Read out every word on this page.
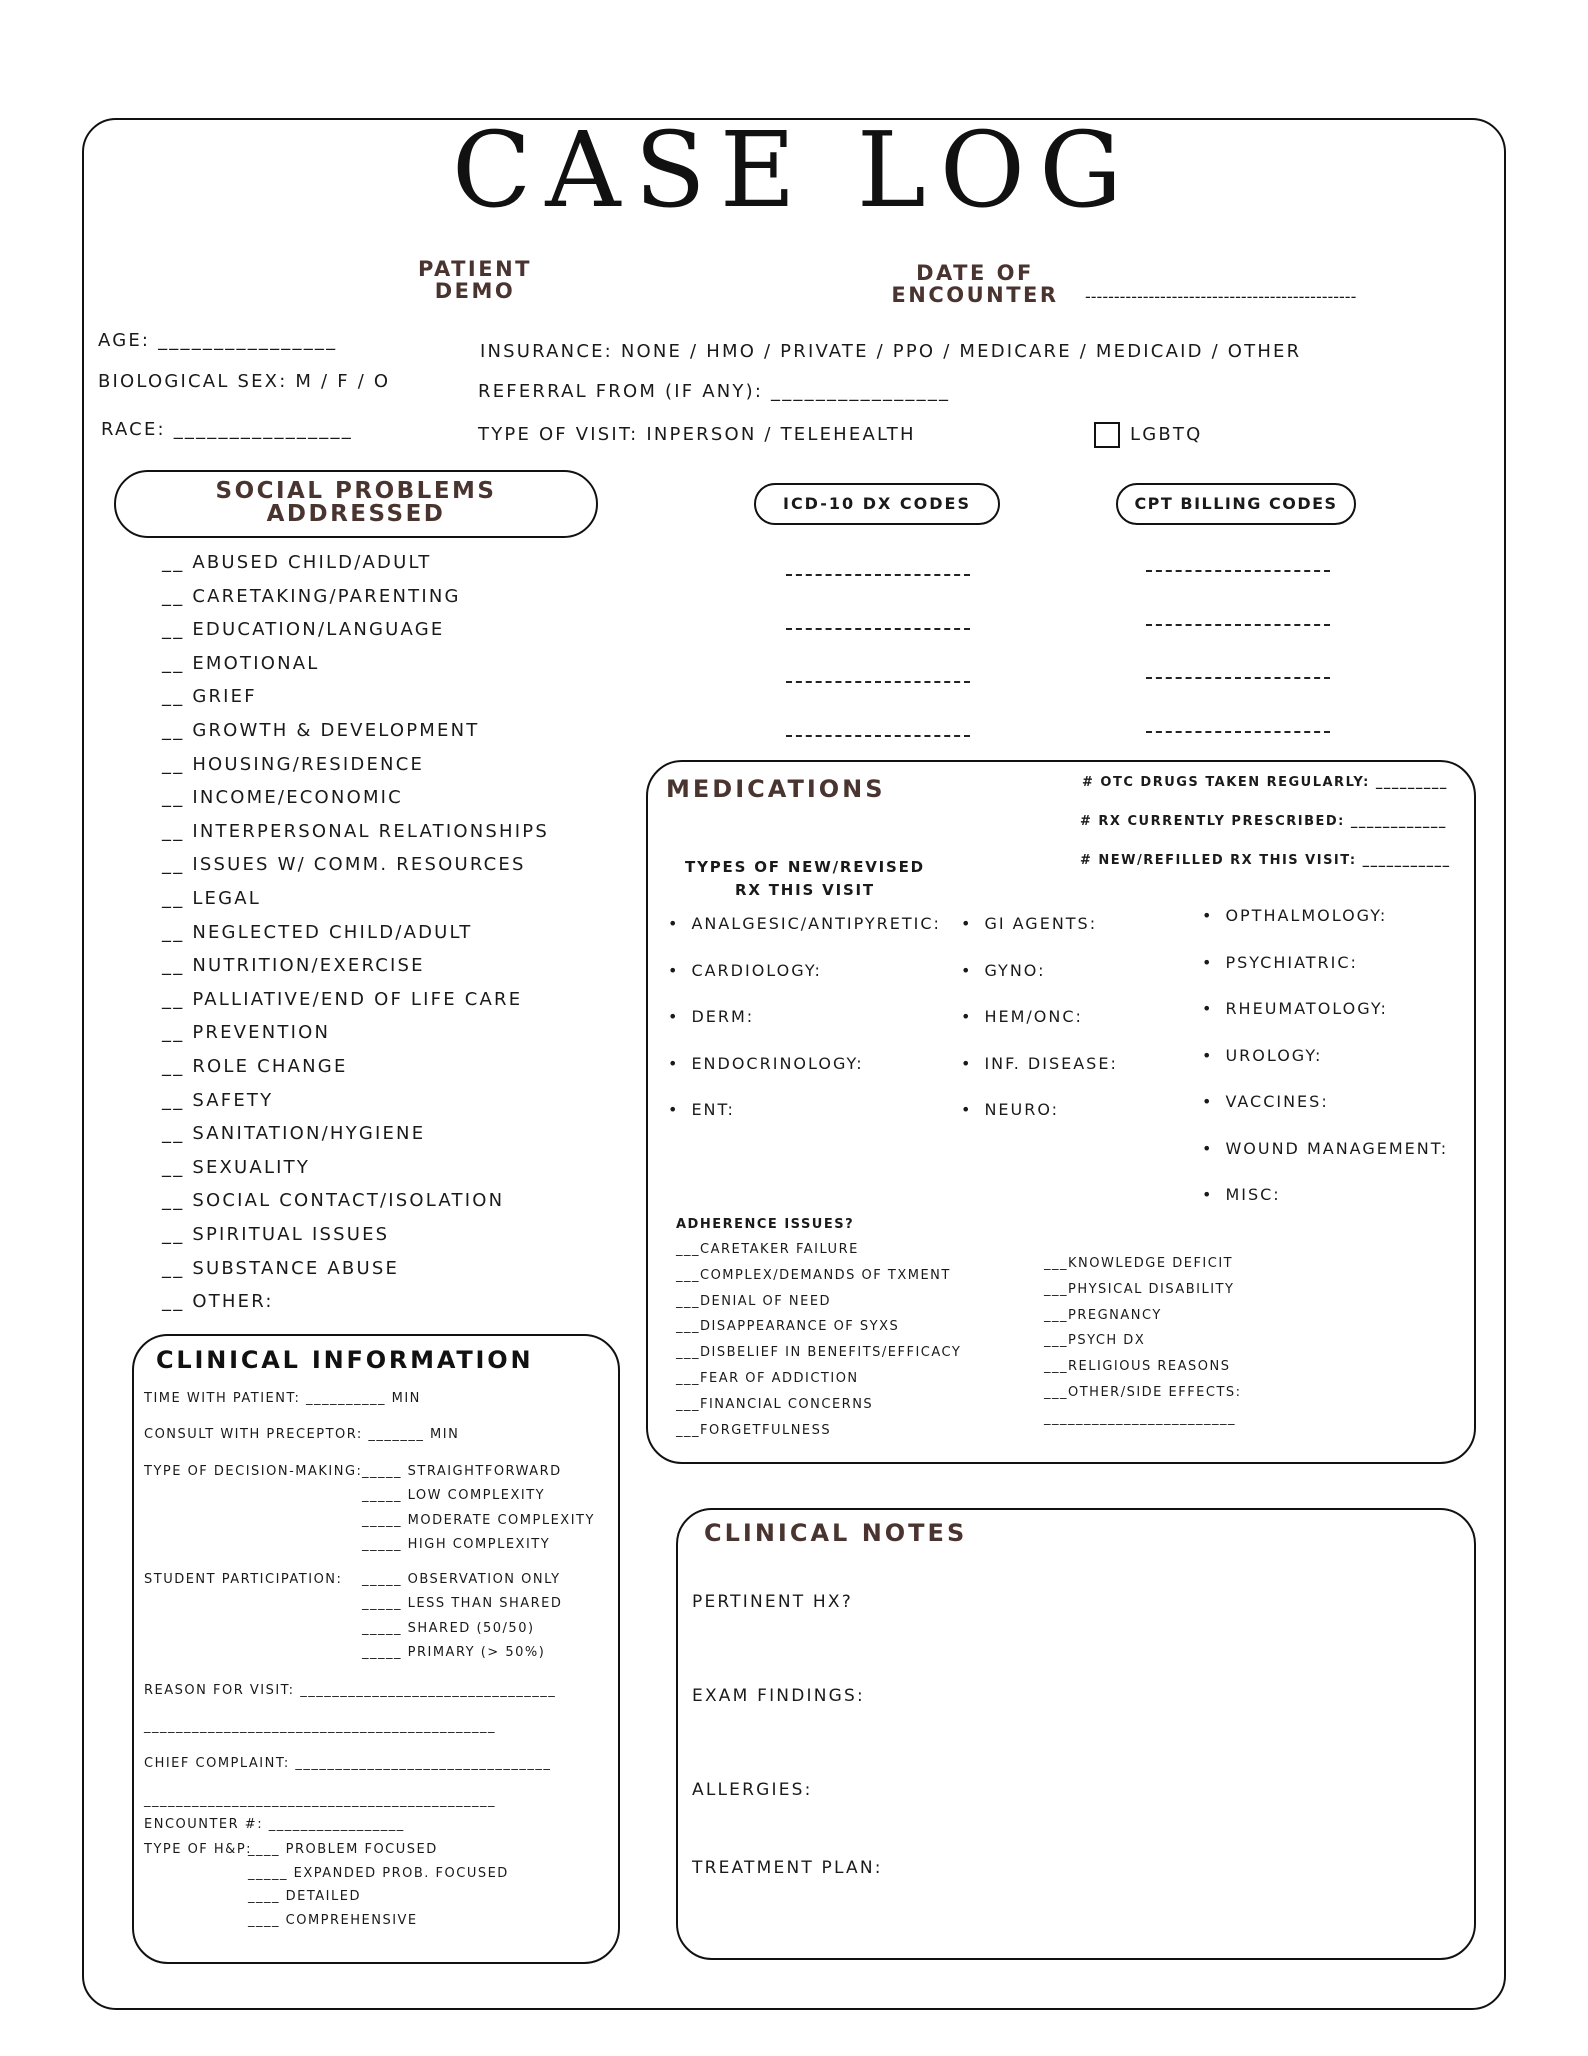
CASE LOG
PATIENT
DEMO
DATE OF
ENCOUNTER	-----------------------------------------------
AGE: ________________
BIOLOGICAL SEX: M / F / O
RACE: ________________
INSURANCE: NONE / HMO / PRIVATE / PPO / MEDICARE / MEDICAID / OTHER
REFERRAL FROM (IF ANY): ________________
TYPE OF VISIT: INPERSON / TELEHEALTH	LGBTQ
SOCIAL PROBLEMS
ADDRESSED
__ ABUSED CHILD/ADULT
__ CARETAKING/PARENTING
__ EDUCATION/LANGUAGE
__ EMOTIONAL
__ GRIEF
__ GROWTH & DEVELOPMENT
__ HOUSING/RESIDENCE
__ INCOME/ECONOMIC
__ INTERPERSONAL RELATIONSHIPS
__ ISSUES W/ COMM. RESOURCES
__ LEGAL
__ NEGLECTED CHILD/ADULT
__ NUTRITION/EXERCISE
__ PALLIATIVE/END OF LIFE CARE
__ PREVENTION
__ ROLE CHANGE
__ SAFETY
__ SANITATION/HYGIENE
__ SEXUALITY
__ SOCIAL CONTACT/ISOLATION
__ SPIRITUAL ISSUES
__ SUBSTANCE ABUSE
__ OTHER:
ICD-10 DX CODES	CPT BILLING CODES
MEDICATIONS	# OTC DRUGS TAKEN REGULARLY: _________
# RX CURRENTLY PRESCRIBED: ____________
# NEW/REFILLED RX THIS VISIT: ___________
TYPES OF NEW/REVISED
RX THIS VISIT
• ANALGESIC/ANTIPYRETIC:
• CARDIOLOGY:
• DERM:
• ENDOCRINOLOGY:
• ENT:
• GI AGENTS:
• GYNO:
• HEM/ONC:
• INF. DISEASE:
• NEURO:
• OPTHALMOLOGY:
• PSYCHIATRIC:
• RHEUMATOLOGY:
• UROLOGY:
• VACCINES:
• WOUND MANAGEMENT:
• MISC:
ADHERENCE ISSUES?
___CARETAKER FAILURE
___COMPLEX/DEMANDS OF TXMENT
___DENIAL OF NEED
___DISAPPEARANCE OF SYXS
___DISBELIEF IN BENEFITS/EFFICACY
___FEAR OF ADDICTION
___FINANCIAL CONCERNS
___FORGETFULNESS
___KNOWLEDGE DEFICIT
___PHYSICAL DISABILITY
___PREGNANCY
___PSYCH DX
___RELIGIOUS REASONS
___OTHER/SIDE EFFECTS:
________________________
CLINICAL INFORMATION
TIME WITH PATIENT: __________ MIN
CONSULT WITH PRECEPTOR: _______ MIN
TYPE OF DECISION-MAKING: _____ STRAIGHTFORWARD
_____ LOW COMPLEXITY
_____ MODERATE COMPLEXITY
_____ HIGH COMPLEXITY
STUDENT PARTICIPATION: _____ OBSERVATION ONLY
_____ LESS THAN SHARED
_____ SHARED (50/50)
_____ PRIMARY (> 50%)
REASON FOR VISIT: ________________________________
____________________________________________
CHIEF COMPLAINT: ________________________________
____________________________________________
ENCOUNTER #: _________________
TYPE OF H&P:
____ PROBLEM FOCUSED
_____ EXPANDED PROB. FOCUSED
____ DETAILED
____ COMPREHENSIVE
CLINICAL NOTES
PERTINENT HX?
EXAM FINDINGS:
ALLERGIES:
TREATMENT PLAN:
